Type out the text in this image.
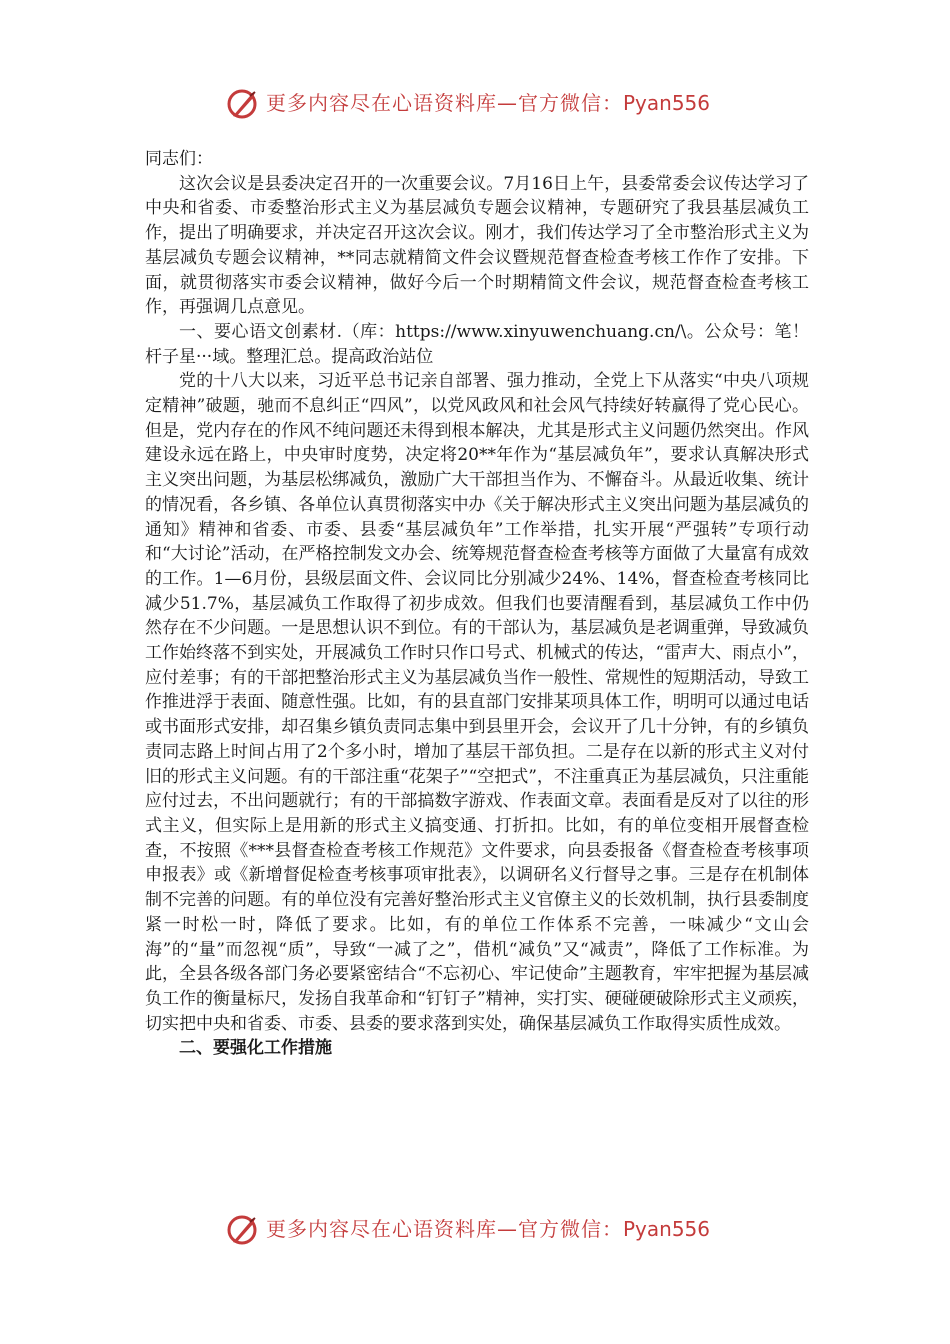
更多内容尽在心语资料库—官方微信：Pyan556

同志们：

这次会议是县委决定召开的一次重要会议。7月16日上午，县委常委会议传达学习了中央和省委、市委整治形式主义为基层减负专题会议精神，专题研究了我县基层减负工作，提出了明确要求，并决定召开这次会议。刚才，我们传达学习了全市整治形式主义为基层减负专题会议精神，**同志就精简文件会议暨规范督查检查考核工作作了安排。下面，就贯彻落实市委会议精神，做好今后一个时期精简文件会议，规范督查检查考核工作，再强调几点意见。

一、要心语文创素材.（库：https://www.xinyuwenchuang.cn/\。公众号：笔！杆子星···域。整理汇总。提高政治站位

党的十八大以来，习近平总书记亲自部署、强力推动，全党上下从落实“中央八项规定精神”破题，驰而不息纠正“四风”，以党风政风和社会风气持续好转赢得了党心民心。但是，党内存在的作风不纯问题还未得到根本解决，尤其是形式主义问题仍然突出。作风建设永远在路上，中央审时度势，决定将20**年作为“基层减负年”，要求认真解决形式主义突出问题，为基层松绑减负，激励广大干部担当作为、不懈奋斗。从最近收集、统计的情况看，各乡镇、各单位认真贯彻落实中办《关于解决形式主义突出问题为基层减负的通知》精神和省委、市委、县委“基层减负年”工作举措，扎实开展“严强转”专项行动和“大讨论”活动，在严格控制发文办会、统筹规范督查检查考核等方面做了大量富有成效的工作。1—6月份，县级层面文件、会议同比分别减少24%、14%，督查检查考核同比减少51.7%，基层减负工作取得了初步成效。但我们也要清醒看到，基层减负工作中仍然存在不少问题。一是思想认识不到位。有的干部认为，基层减负是老调重弹，导致减负工作始终落不到实处，开展减负工作时只作口号式、机械式的传达，“雷声大、雨点小”，应付差事；有的干部把整治形式主义为基层减负当作一般性、常规性的短期活动，导致工作推进浮于表面、随意性强。比如，有的县直部门安排某项具体工作，明明可以通过电话或书面形式安排，却召集乡镇负责同志集中到县里开会，会议开了几十分钟，有的乡镇负责同志路上时间占用了2个多小时，增加了基层干部负担。二是存在以新的形式主义对付旧的形式主义问题。有的干部注重“花架子”“空把式”，不注重真正为基层减负，只注重能应付过去，不出问题就行；有的干部搞数字游戏、作表面文章。表面看是反对了以往的形式主义，但实际上是用新的形式主义搞变通、打折扣。比如，有的单位变相开展督查检查，不按照《***县督查检查考核工作规范》文件要求，向县委报备《督查检查考核事项申报表》或《新增督促检查考核事项审批表》，以调研名义行督导之事。三是存在机制体制不完善的问题。有的单位没有完善好整治形式主义官僚主义的长效机制，执行县委制度紧一时松一时，降低了要求。比如，有的单位工作体系不完善，一味减少“文山会海”的“量”而忽视“质”，导致“一减了之”，借机“减负”又“减责”，降低了工作标准。为此，全县各级各部门务必要紧密结合“不忘初心、牢记使命”主题教育，牢牢把握为基层减负工作的衡量标尺，发扬自我革命和“钉钉子”精神，实打实、硬碰硬破除形式主义顽疾，切实把中央和省委、市委、县委的要求落到实处，确保基层减负工作取得实质性成效。

二、要强化工作措施

更多内容尽在心语资料库—官方微信：Pyan556
